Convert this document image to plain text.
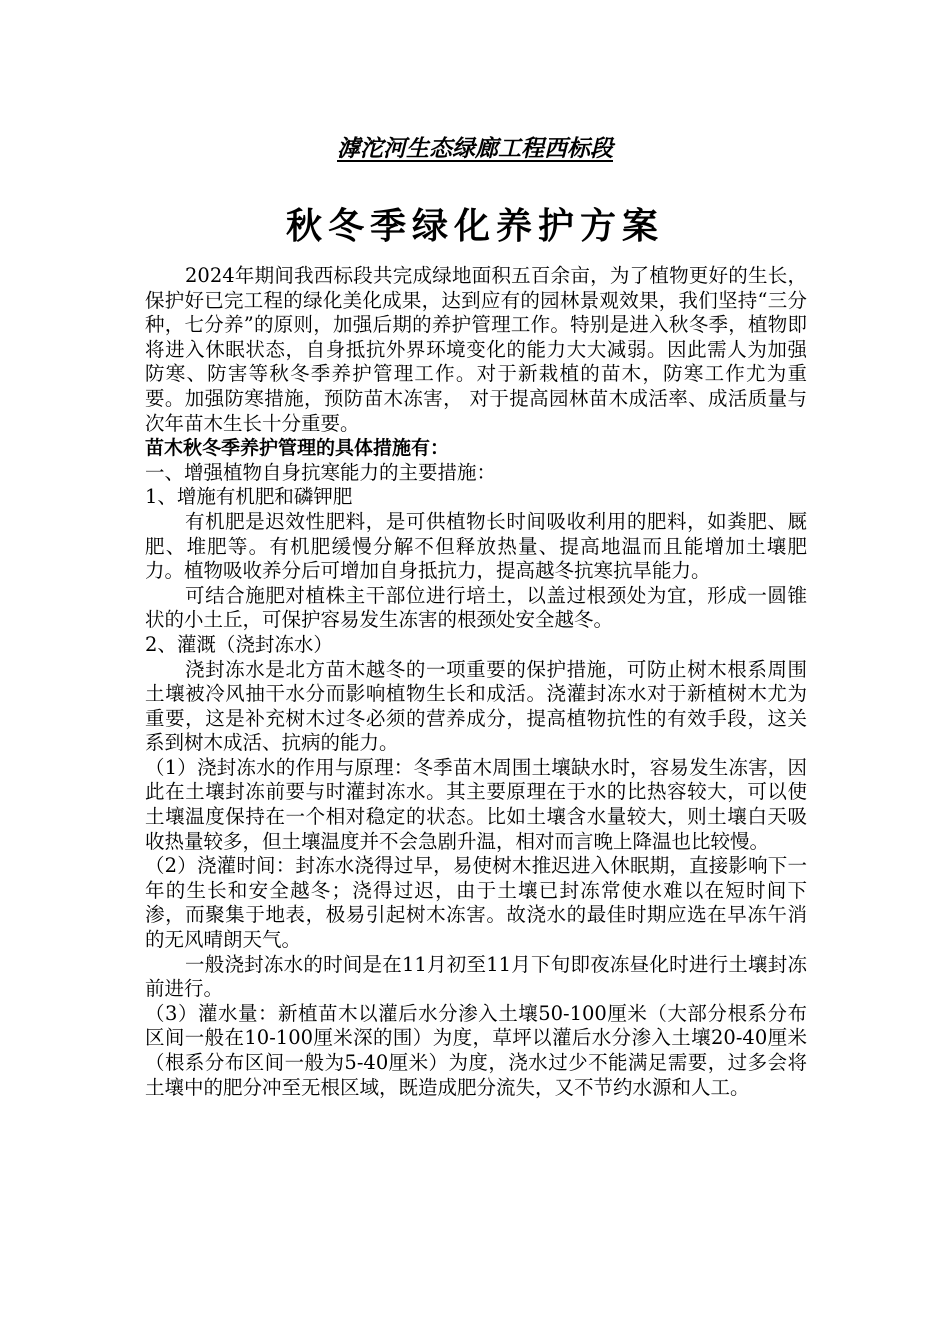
滹沱河生态绿廊工程西标段
秋冬季绿化养护方案

2024年期间我西标段共完成绿地面积五百余亩，为了植物更好的生长，保护好已完工程的绿化美化成果，达到应有的园林景观效果，我们坚持“三分种，七分养”的原则，加强后期的养护管理工作。特别是进入秋冬季，植物即将进入休眠状态，自身抵抗外界环境变化的能力大大减弱。因此需人为加强防寒、防害等秋冬季养护管理工作。对于新栽植的苗木，防寒工作尤为重要。加强防寒措施，预防苗木冻害， 对于提高园林苗木成活率、成活质量与次年苗木生长十分重要。

苗木秋冬季养护管理的具体措施有：

一、增强植物自身抗寒能力的主要措施：

1、增施有机肥和磷钾肥

有机肥是迟效性肥料，是可供植物长时间吸收利用的肥料，如粪肥、厩肥、堆肥等。有机肥缓慢分解不但释放热量、提高地温而且能增加土壤肥力。植物吸收养分后可增加自身抵抗力，提高越冬抗寒抗旱能力。

可结合施肥对植株主干部位进行培土，以盖过根颈处为宜，形成一圆锥状的小土丘，可保护容易发生冻害的根颈处安全越冬。

2、灌溉（浇封冻水）

浇封冻水是北方苗木越冬的一项重要的保护措施，可防止树木根系周围土壤被冷风抽干水分而影响植物生长和成活。浇灌封冻水对于新植树木尤为重要，这是补充树木过冬必须的营养成分，提高植物抗性的有效手段，这关系到树木成活、抗病的能力。

（1）浇封冻水的作用与原理：冬季苗木周围土壤缺水时，容易发生冻害，因此在土壤封冻前要与时灌封冻水。其主要原理在于水的比热容较大，可以使土壤温度保持在一个相对稳定的状态。比如土壤含水量较大，则土壤白天吸收热量较多，但土壤温度并不会急剧升温，相对而言晚上降温也比较慢。

（2）浇灌时间：封冻水浇得过早，易使树木推迟进入休眠期，直接影响下一年的生长和安全越冬；浇得过迟，由于土壤已封冻常使水难以在短时间下渗，而聚集于地表，极易引起树木冻害。故浇水的最佳时期应选在早冻午消的无风晴朗天气。

一般浇封冻水的时间是在11月初至11月下旬即夜冻昼化时进行土壤封冻前进行。

（3）灌水量：新植苗木以灌后水分渗入土壤50-100厘米（大部分根系分布区间一般在10-100厘米深的围）为度，草坪以灌后水分渗入土壤20-40厘米（根系分布区间一般为5-40厘米）为度，浇水过少不能满足需要，过多会将土壤中的肥分冲至无根区域，既造成肥分流失，又不节约水源和人工。
